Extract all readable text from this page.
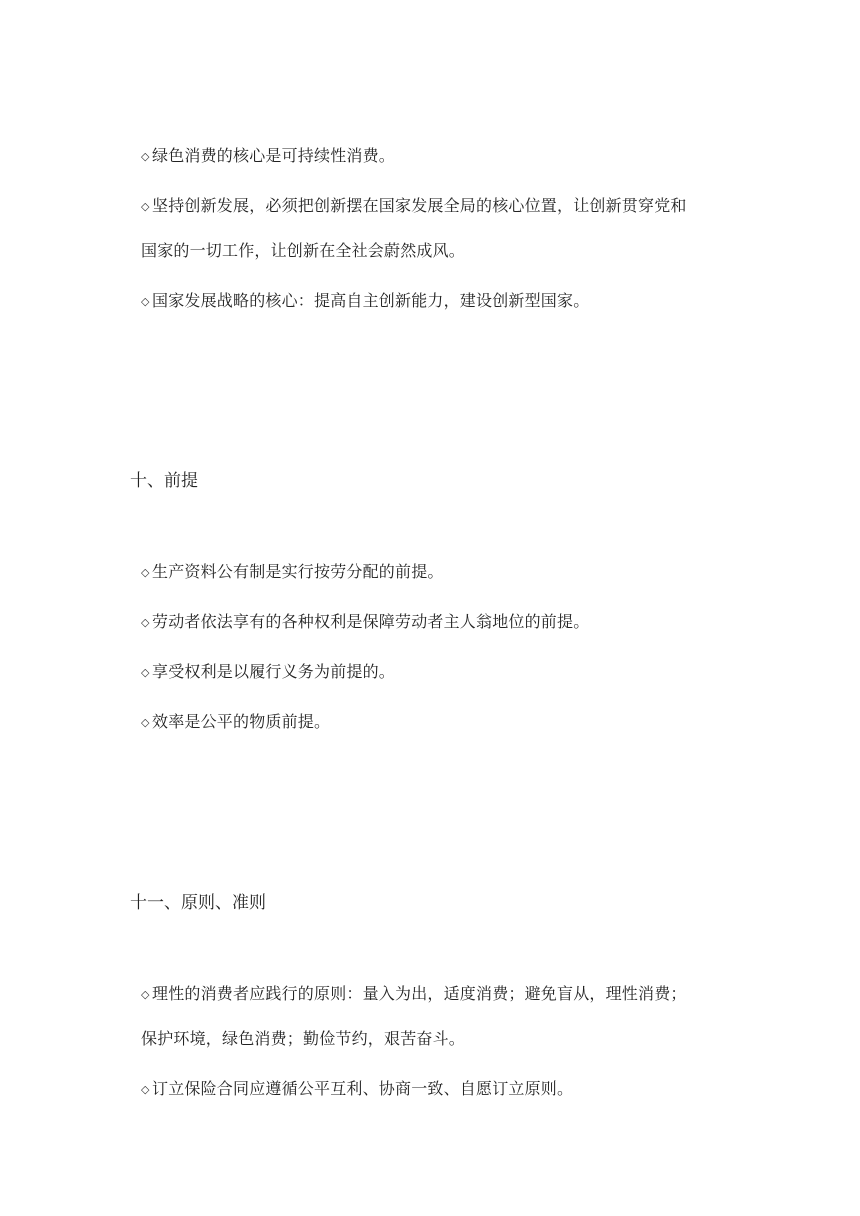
◇ 绿色消费的核心是可持续性消费。
◇ 坚持创新发展，必须把创新摆在国家发展全局的核心位置，让创新贯穿党和
国家的一切工作，让创新在全社会蔚然成风。
◇ 国家发展战略的核心：提高自主创新能力，建设创新型国家。
十、前提
◇ 生产资料公有制是实行按劳分配的前提。
◇ 劳动者依法享有的各种权利是保障劳动者主人翁地位的前提。
◇ 享受权利是以履行义务为前提的。
◇ 效率是公平的物质前提。
十一、原则、准则
◇ 理性的消费者应践行的原则：量入为出，适度消费；避免盲从，理性消费；
保护环境，绿色消费；勤俭节约，艰苦奋斗。
◇ 订立保险合同应遵循公平互利、协商一致、自愿订立原则。
